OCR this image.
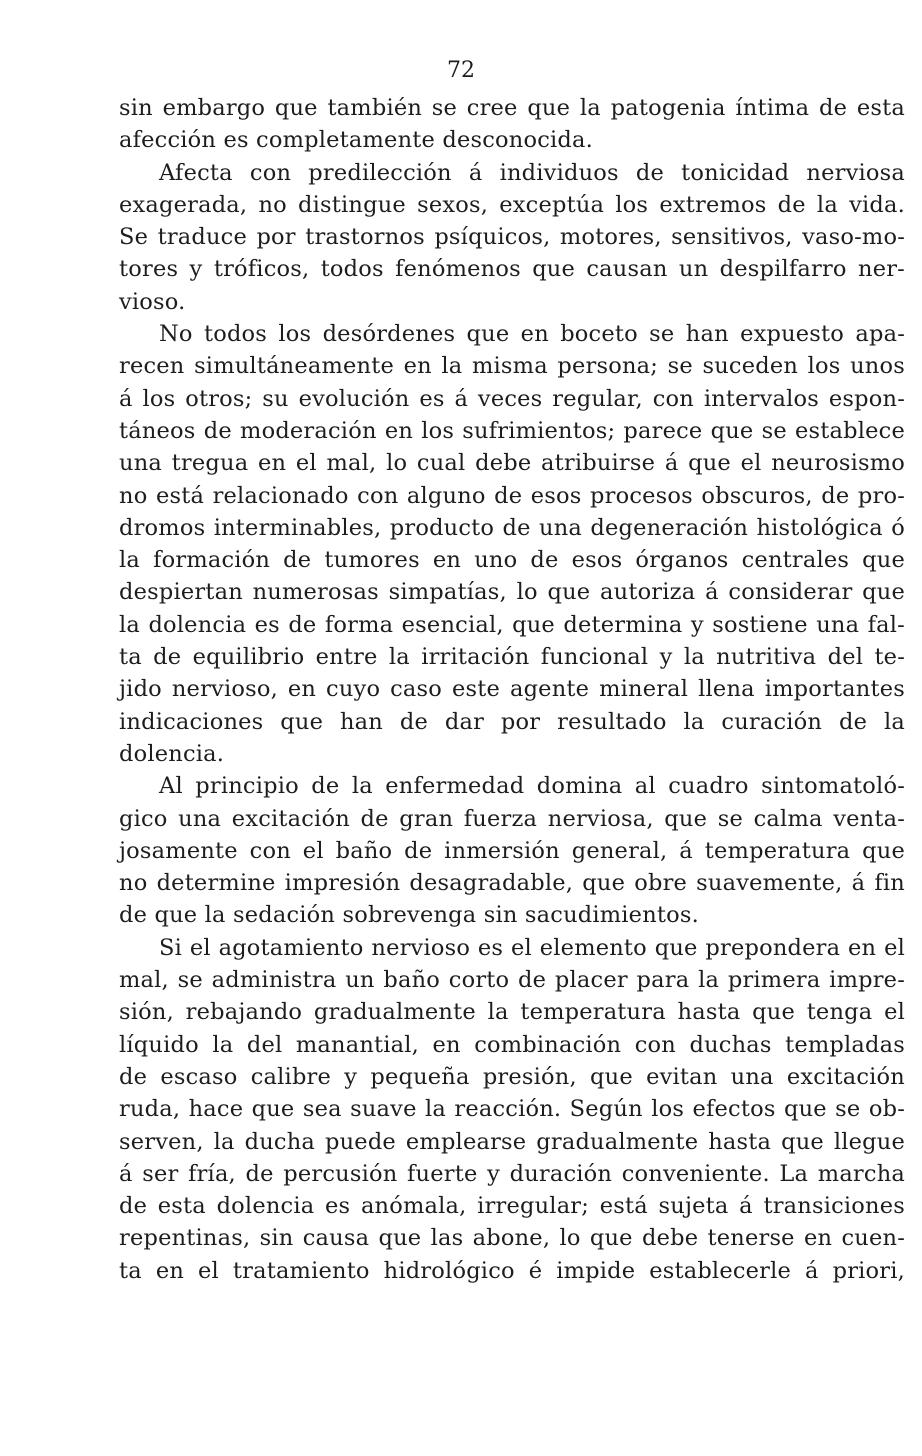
72
sin embargo que también se cree que la patogenia íntima de esta
afección es completamente desconocida.
Afecta con predilección á individuos de tonicidad nerviosa
exagerada, no distingue sexos, exceptúa los extremos de la vida.
Se traduce por trastornos psíquicos, motores, sensitivos, vaso-mo-
tores y tróficos, todos fenómenos que causan un despilfarro ner-
vioso.
No todos los desórdenes que en boceto se han expuesto apa-
recen simultáneamente en la misma persona; se suceden los unos
á los otros; su evolución es á veces regular, con intervalos espon-
táneos de moderación en los sufrimientos; parece que se establece
una tregua en el mal, lo cual debe atribuirse á que el neurosismo
no está relacionado con alguno de esos procesos obscuros, de pro-
dromos interminables, producto de una degeneración histológica ó
la formación de tumores en uno de esos órganos centrales que
despiertan numerosas simpatías, lo que autoriza á considerar que
la dolencia es de forma esencial, que determina y sostiene una fal-
ta de equilibrio entre la irritación funcional y la nutritiva del te-
jido nervioso, en cuyo caso este agente mineral llena importantes
indicaciones que han de dar por resultado la curación de la
dolencia.
Al principio de la enfermedad domina al cuadro sintomatoló-
gico una excitación de gran fuerza nerviosa, que se calma venta-
josamente con el baño de inmersión general, á temperatura que
no determine impresión desagradable, que obre suavemente, á fin
de que la sedación sobrevenga sin sacudimientos.
Si el agotamiento nervioso es el elemento que prepondera en el
mal, se administra un baño corto de placer para la primera impre-
sión, rebajando gradualmente la temperatura hasta que tenga el
líquido la del manantial, en combinación con duchas templadas
de escaso calibre y pequeña presión, que evitan una excitación
ruda, hace que sea suave la reacción. Según los efectos que se ob-
serven, la ducha puede emplearse gradualmente hasta que llegue
á ser fría, de percusión fuerte y duración conveniente. La marcha
de esta dolencia es anómala, irregular; está sujeta á transiciones
repentinas, sin causa que las abone, lo que debe tenerse en cuen-
ta en el tratamiento hidrológico é impide establecerle á priori,
